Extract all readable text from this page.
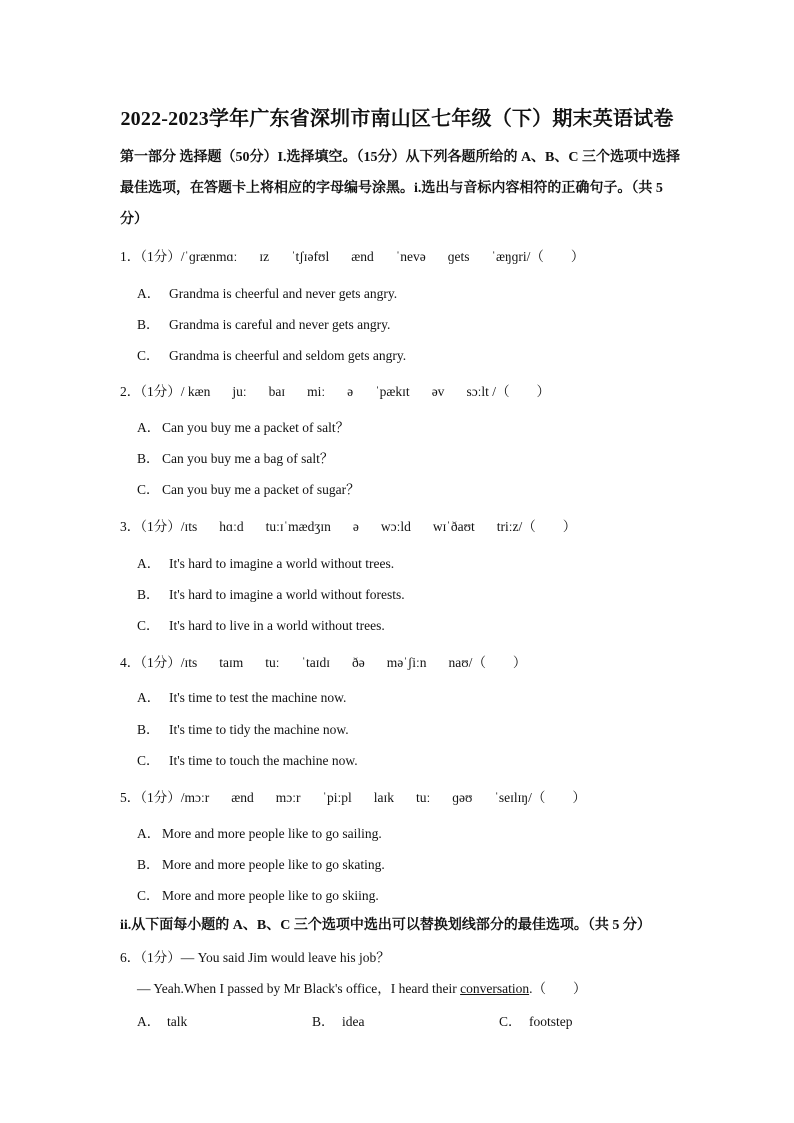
2022-2023学年广东省深圳市南山区七年级（下）期末英语试卷
第一部分 选择题（50分）I.选择填空。（15分）从下列各题所给的 A、B、C 三个选项中选择最佳选项，在答题卡上将相应的字母编号涂黑。i.选出与音标内容相符的正确句子。（共 5 分）
1．（1分）/ˈɡrænmɑː ɪz ˈtʃɪəfʊl ænd ˈnevə ɡets ˈæŋɡri/（　　）
A． Grandma is cheerful and never gets angry.
B． Grandma is careful and never gets angry.
C． Grandma is cheerful and seldom gets angry.
2．（1分）/ kæn juː baɪ miː ə ˈpækɪt əv sɔːlt /（　　）
A． Can you buy me a packet of salt？
B． Can you buy me a bag of salt？
C． Can you buy me a packet of sugar？
3．（1分）/ɪts hɑːd tuːɪˈmædʒɪn ə wɔːld wɪˈðaʊt triːz/（　　）
A． It's hard to imagine a world without trees.
B． It's hard to imagine a world without forests.
C． It's hard to live in a world without trees.
4．（1分）/ɪts taɪm tuː ˈtaɪdɪ ðə məˈʃiːn naʊ/（　　）
A． It's time to test the machine now.
B． It's time to tidy the machine now.
C． It's time to touch the machine now.
5．（1分）/mɔːr ænd mɔːr ˈpiːpl laɪk tuː ɡəʊ ˈseɪlɪŋ/（　　）
A． More and more people like to go sailing.
B． More and more people like to go skating.
C． More and more people like to go skiing.
ii.从下面每小题的 A、B、C 三个选项中选出可以替换划线部分的最佳选项。（共 5 分）
6．（1分）— You said Jim would leave his job？
— Yeah.When I passed by Mr Black's office，I heard their conversation.（　　）
A． talk	B． idea	C． footstep
